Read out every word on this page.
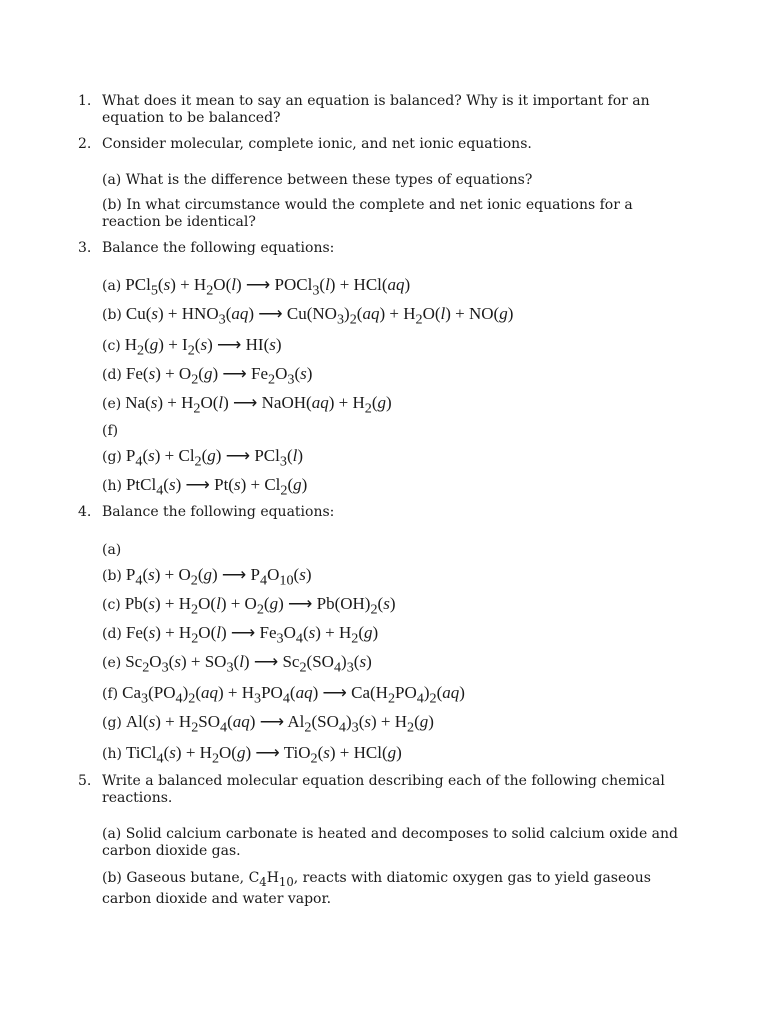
1. What does it mean to say an equation is balanced? Why is it important for an equation to be balanced?
2. Consider molecular, complete ionic, and net ionic equations.
(a) What is the difference between these types of equations?
(b) In what circumstance would the complete and net ionic equations for a reaction be identical?
3. Balance the following equations:
(a) $PCl_5(s) + H_2O(l)$ ⟶ POCl$_3$(l) + HCl(aq)
(b) $Cu(s) + HNO_3(aq)$ ⟶ $Cu(NO_3)_2(aq) + H_2O(l) + NO(g)$
(c) $H_2(g) + I_2(s)$ ⟶ HI(s)
(d) $Fe(s) + O_2(g)$ ⟶ $Fe_2O_3(s)$
(e) $Na(s) + H_2O(l)$ ⟶ NaOH(aq) + $H_2(g)$
(f)
(g) $P_4(s) + Cl_2(g)$ ⟶ PCl$_3$(l)
(h) PtCl$_4$(s) ⟶ $Pt(s) + Cl_2(g)$
4. Balance the following equations:
(a)
(b) $P_4(s) + O_2(g)$ ⟶ $P_4O_{10}(s)$
(c) $Pb(s) + H_2O(l) + O_2(g)$ ⟶ $Pb(OH)_2(s)$
(d) $Fe(s) + H_2O(l)$ ⟶ $Fe_3O_4(s) + H_2(g)$
(e) $Sc_2O_3(s) + SO_3(l)$ ⟶ $Sc_2(SO_4)_3(s)$
(f) $Ca_3(PO_4)_2(aq) + H_3PO_4(aq)$ ⟶ $Ca(H_2PO_4)_2(aq)$
(g) $Al(s) + H_2SO_4(aq)$ ⟶ $Al_2(SO_4)_3(s) + H_2(g)$
(h) TiCl$_4$(s) + $H_2O(g)$ ⟶ TiO$_2$(s) + HCl(g)
5. Write a balanced molecular equation describing each of the following chemical reactions.
(a) Solid calcium carbonate is heated and decomposes to solid calcium oxide and carbon dioxide gas.
(b) Gaseous butane, $C_4H_{10}$, reacts with diatomic oxygen gas to yield gaseous carbon dioxide and water vapor.
